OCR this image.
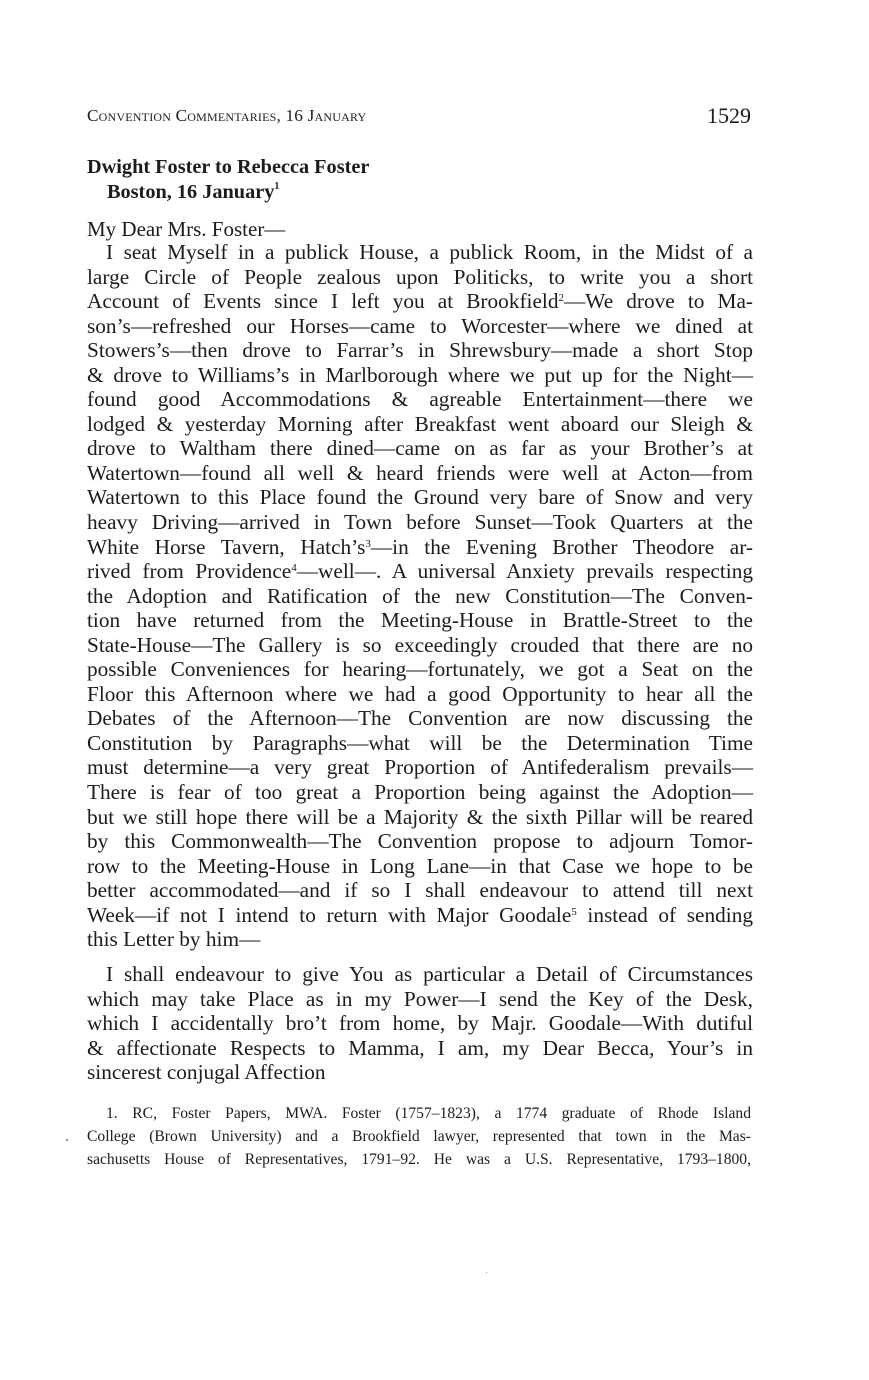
Convention Commentaries, 16 January	1529
Dwight Foster to Rebecca Foster
Boston, 16 January$^1$
My Dear Mrs. Foster—
I seat Myself in a publick House, a publick Room, in the Midst of a
large Circle of People zealous upon Politicks, to write you a short
Account of Events since I left you at Brookfield$^2$—We drove to Ma-
son’s—refreshed our Horses—came to Worcester—where we dined at
Stowers’s—then drove to Farrar’s in Shrewsbury—made a short Stop
& drove to Williams’s in Marlborough where we put up for the Night—
found good Accommodations & agreable Entertainment—there we
lodged & yesterday Morning after Breakfast went aboard our Sleigh &
drove to Waltham there dined—came on as far as your Brother’s at
Watertown—found all well & heard friends were well at Acton—from
Watertown to this Place found the Ground very bare of Snow and very
heavy Driving—arrived in Town before Sunset—Took Quarters at the
White Horse Tavern, $Hatch’s^3—in$ the Evening Brother Theodore ar-
rived from Providence$^4$—well—. A universal Anxiety prevails respecting
the Adoption and Ratification of the new Constitution—The Conven-
tion have returned from the Meeting-House in Brattle-Street to the
State-House—The Gallery is so exceedingly crouded that there are no
possible Conveniences for hearing—fortunately, we got a Seat on the
Floor this Afternoon where we had a good Opportunity to hear all the
Debates of the Afternoon—The Convention are now discussing the
Constitution by Paragraphs—what will be the Determination Time
must determine—a very great Proportion of Antifederalism prevails—
There is fear of too great a Proportion being against the Adoption—
but we still hope there will be a Majority & the sixth Pillar will be reared
by this Commonwealth—The Convention propose to adjourn Tomor-
row to the Meeting-House in Long Lane—in that Case we hope to be
better accommodated—and if so I shall endeavour to attend till next
Week—if not I intend to return with Major Goodale$^5$ instead of sending
this Letter by him—
I shall endeavour to give You as particular a Detail of Circumstances
which may take Place as in my Power—I send the Key of the Desk,
which I accidentally bro’t from home, by Majr. Goodale—With dutiful
& affectionate Respects to Mamma, I am, my Dear Becca, Your’s in
sincerest conjugal Affection
1. RC, Foster Papers, MWA. Foster (1757–1823), a 1774 graduate of Rhode Island
College (Brown University) and a Brookfield lawyer, represented that town in the Mas-
sachusetts House of Representatives, 1791–92. He was a U.S. Representative, 1793–1800,
